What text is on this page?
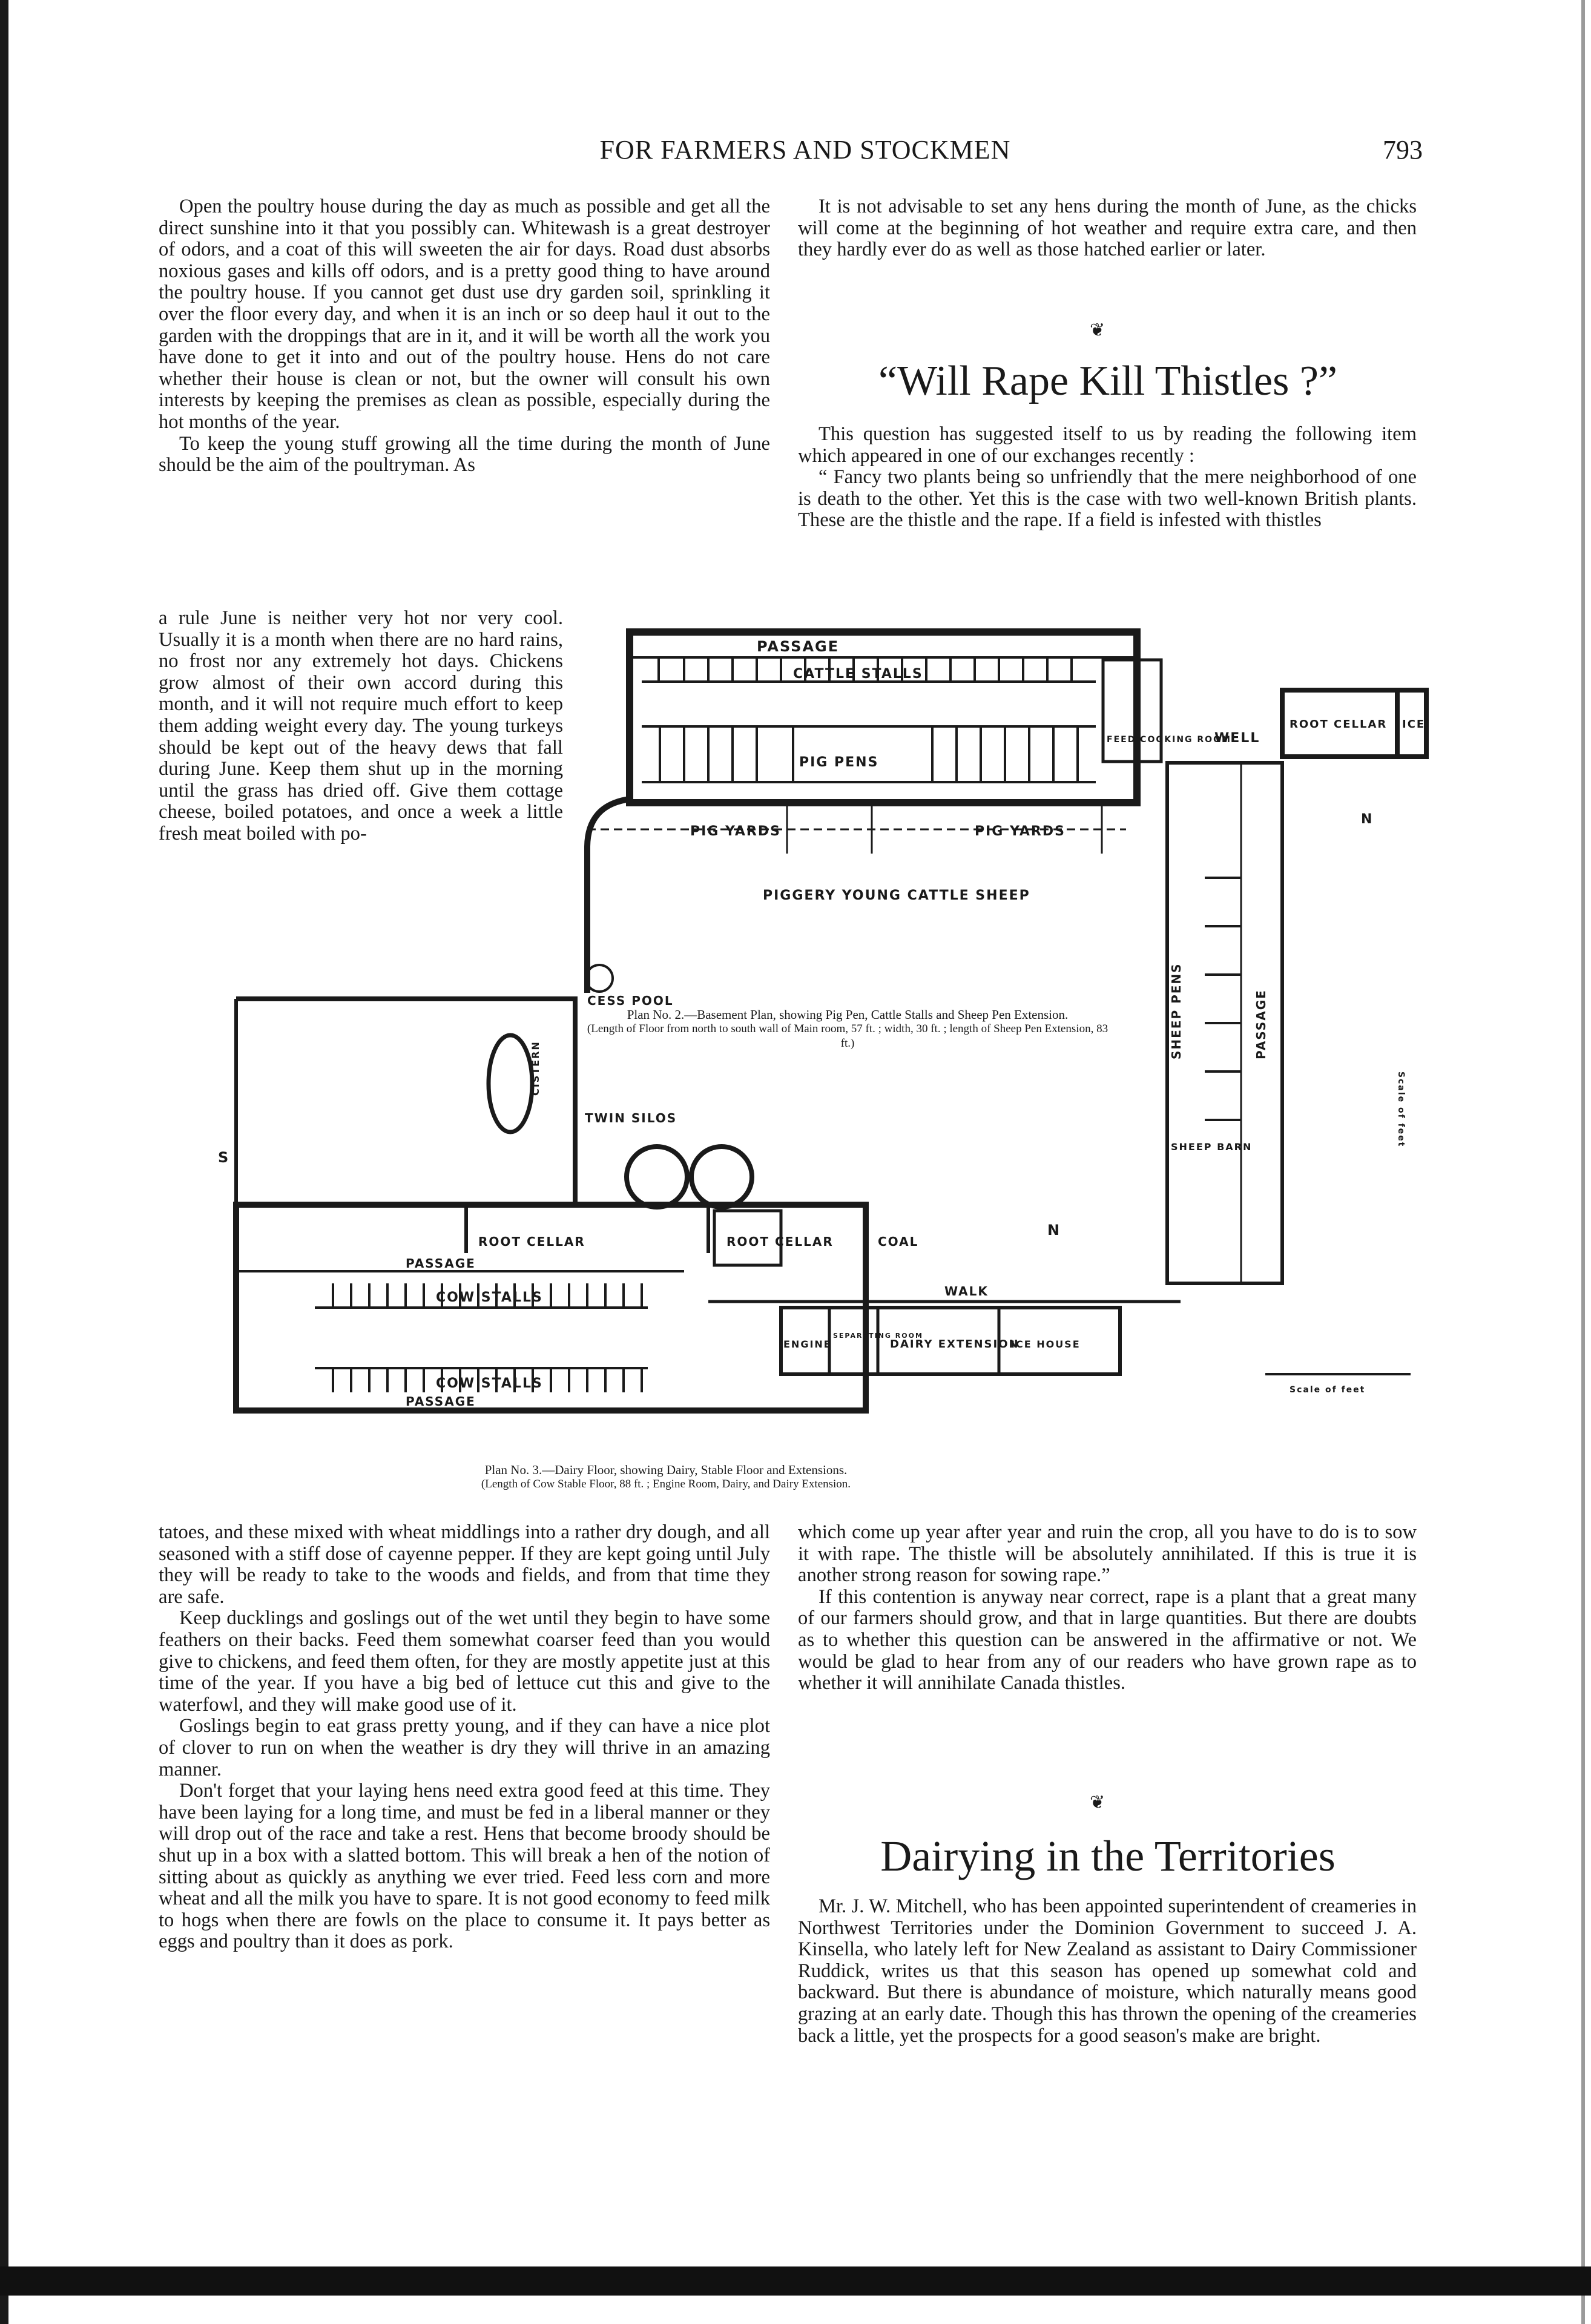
FOR FARMERS AND STOCKMEN	793

Open the poultry house during the day as much as possible and get all the direct sunshine into it that you possibly can. Whitewash is a great destroyer of odors, and a coat of this will sweeten the air for days. Road dust absorbs noxious gases and kills off odors, and is a pretty good thing to have around the poultry house. If you cannot get dust use dry garden soil, sprinkling it over the floor every day, and when it is an inch or so deep haul it out to the garden with the droppings that are in it, and it will be worth all the work you have done to get it into and out of the poultry house. Hens do not care whether their house is clean or not, but the owner will consult his own interests by keeping the premises as clean as possible, especially during the hot months of the year.

To keep the young stuff growing all the time during the month of June should be the aim of the poultryman. As

a rule June is neither very hot nor very cool. Usually it is a month when there are no hard rains, no frost nor any extremely hot days. Chickens grow almost of their own accord during this month, and it will not require much effort to keep them adding weight every day. The young turkeys should be kept out of the heavy dews that fall during June. Keep them shut up in the morning until the grass has dried off. Give them cottage cheese, boiled potatoes, and once a week a little fresh meat boiled with po-

It is not advisable to set any hens during the month of June, as the chicks will come at the beginning of hot weather and require extra care, and then they hardly ever do as well as those hatched earlier or later.

❦
“Will Rape Kill Thistles ?”

This question has suggested itself to us by reading the following item which appeared in one of our exchanges recently :

“ Fancy two plants being so unfriendly that the mere neighborhood of one is death to the other. Yet this is the case with two well-known British plants. These are the thistle and the rape. If a field is infested with thistles

PASSAGE
CATTLE STALLS
PIG PENS
PIG YARDS	PIG YARDS
FEED COOKING ROOM
WELL
ROOT CELLAR ICE
N
PIGGERY YOUNG CATTLE SHEEP
CESS POOL	SHEEP PENS	PASSAGE
SHEEP BARN	Scale of feet
CISTERN
TWIN SILOS
S
N
ROOT CELLAR	ROOT CELLAR	COAL
WALK
PASSAGE
PASSAGE
COW STALLS
COW STALLS
ENGINE
SEPARATING ROOM
DAIRY EXTENSION
ICE HOUSE
Scale of feet
Plan No. 2.—Basement Plan, showing Pig Pen, Cattle Stalls and Sheep Pen Extension.
(Length of Floor from north to south wall of Main room, 57 ft. ; width, 30 ft. ; length of Sheep Pen Extension, 83 ft.)
Plan No. 3.—Dairy Floor, showing Dairy, Stable Floor and Extensions.
(Length of Cow Stable Floor, 88 ft. ; Engine Room, Dairy, and Dairy Extension.

tatoes, and these mixed with wheat middlings into a rather dry dough, and all seasoned with a stiff dose of cayenne pepper. If they are kept going until July they will be ready to take to the woods and fields, and from that time they are safe.

Keep ducklings and goslings out of the wet until they begin to have some feathers on their backs. Feed them somewhat coarser feed than you would give to chickens, and feed them often, for they are mostly appetite just at this time of the year. If you have a big bed of lettuce cut this and give to the waterfowl, and they will make good use of it.

Goslings begin to eat grass pretty young, and if they can have a nice plot of clover to run on when the weather is dry they will thrive in an amazing manner.

Don't forget that your laying hens need extra good feed at this time. They have been laying for a long time, and must be fed in a liberal manner or they will drop out of the race and take a rest. Hens that become broody should be shut up in a box with a slatted bottom. This will break a hen of the notion of sitting about as quickly as anything we ever tried. Feed less corn and more wheat and all the milk you have to spare. It is not good economy to feed milk to hogs when there are fowls on the place to consume it. It pays better as eggs and poultry than it does as pork.

which come up year after year and ruin the crop, all you have to do is to sow it with rape. The thistle will be absolutely annihilated. If this is true it is another strong reason for sowing rape.”

If this contention is anyway near correct, rape is a plant that a great many of our farmers should grow, and that in large quantities. But there are doubts as to whether this question can be answered in the affirmative or not. We would be glad to hear from any of our readers who have grown rape as to whether it will annihilate Canada thistles.

❦
Dairying in the Territories

Mr. J. W. Mitchell, who has been appointed superintendent of creameries in Northwest Territories under the Dominion Government to succeed J. A. Kinsella, who lately left for New Zealand as assistant to Dairy Commissioner Ruddick, writes us that this season has opened up somewhat cold and backward. But there is abundance of moisture, which naturally means good grazing at an early date. Though this has thrown the opening of the creameries back a little, yet the prospects for a good season's make are bright.
